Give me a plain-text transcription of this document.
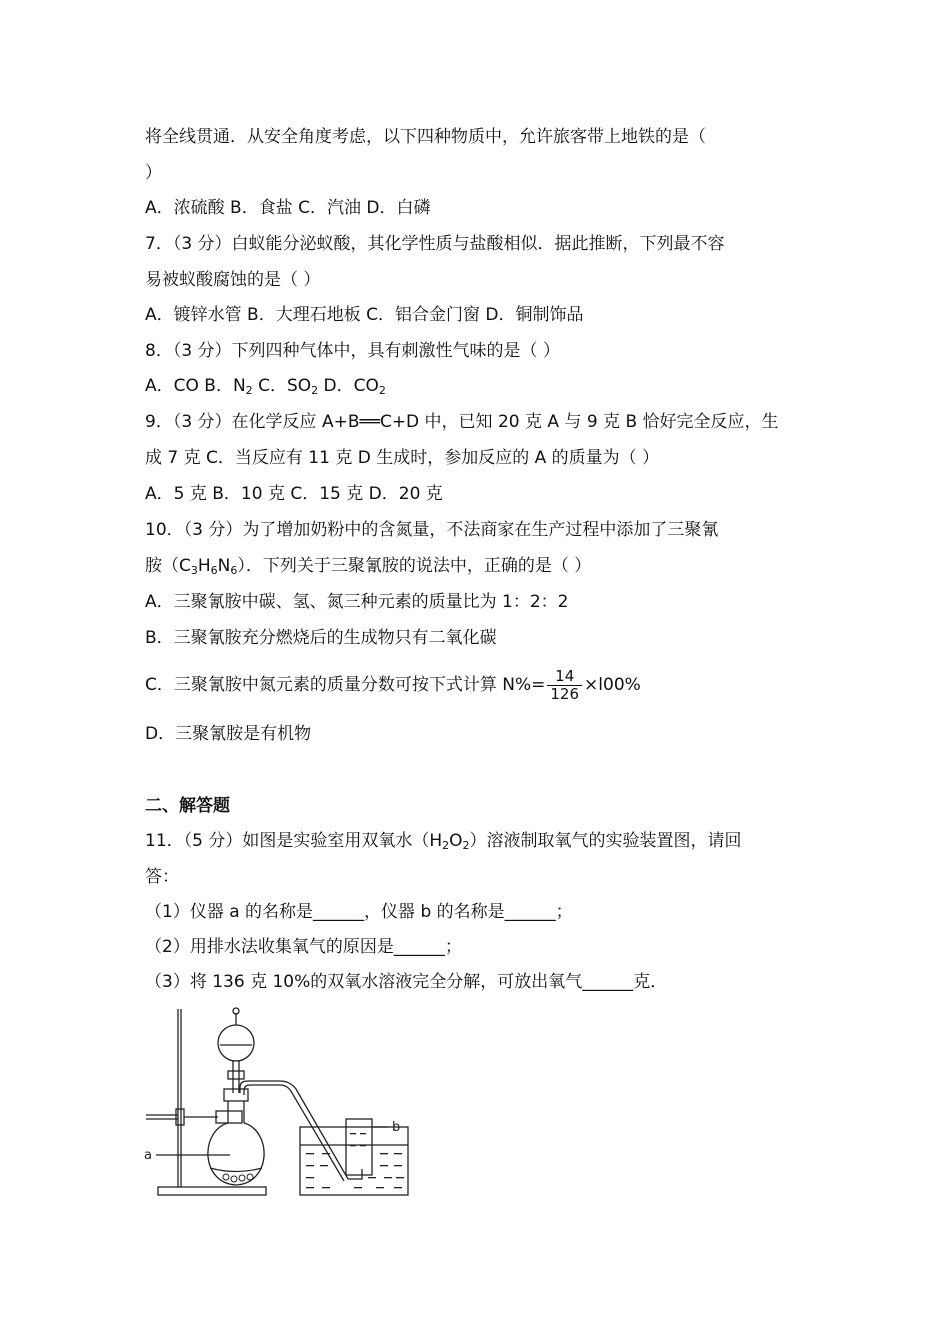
将全线贯通．从安全角度考虑，以下四种物质中，允许旅客带上地铁的是（
）
A．浓硫酸 B．食盐 C．汽油 D．白磷
7．（3 分）白蚁能分泌蚁酸，其化学性质与盐酸相似．据此推断，下列最不容
易被蚁酸腐蚀的是（ ）
A．镀锌水管 B．大理石地板 C．铝合金门窗 D．铜制饰品
8．（3 分）下列四种气体中，具有刺激性气味的是（ ）
A．CO B．$N_2$ C．$SO_2$ D．$CO_2$
9．（3 分）在化学反应 A+B══C+D 中，已知 20 克 A 与 9 克 B 恰好完全反应，生
成 7 克 C．当反应有 11 克 D 生成时，参加反应的 A 的质量为（ ）
A．5 克 B．10 克 C．15 克 D．20 克
10．（3 分）为了增加奶粉中的含氮量，不法商家在生产过程中添加了三聚氰
胺$(C_3H_6N_6)$．下列关于三聚氰胺的说法中，正确的是（ ）
A．三聚氰胺中碳、氢、氮三种元素的质量比为 1：2：2
B．三聚氰胺充分燃烧后的生成物只有二氧化碳
C．三聚氰胺中氮元素的质量分数可按下式计算 $N\%= \frac{14}{126} \times l00\%$
D．三聚氰胺是有机物
二、解答题
11．（5 分）如图是实验室用双氧水$(H_2O_2)$溶液制取氧气的实验装置图，请回
答：
（1）仪器 a 的名称是______，仪器 b 的名称是______；
（2）用排水法收集氧气的原因是______；
（3）将 136 克 10%的双氧水溶液完全分解，可放出氧气______克．
a
b
